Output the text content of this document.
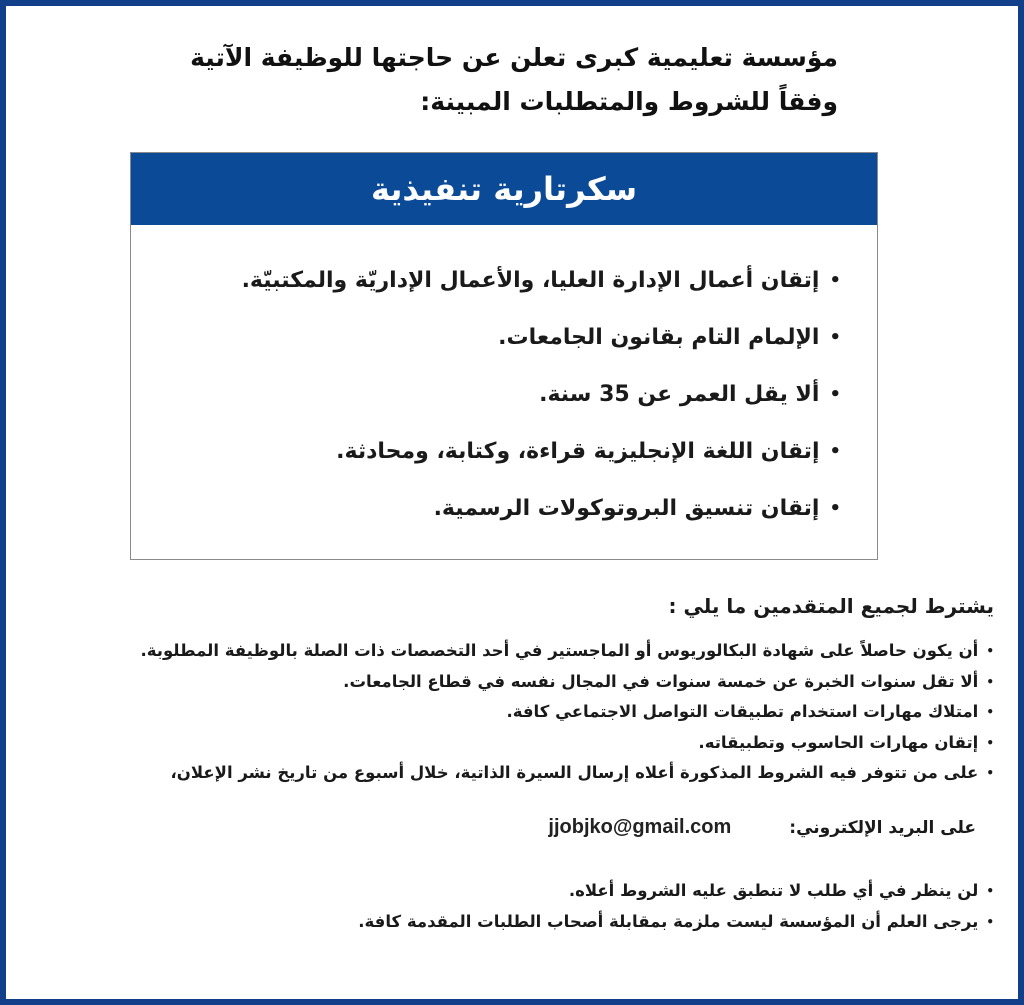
مؤسسة تعليمية كبرى تعلن عن حاجتها للوظيفة الآتية

وفقاً للشروط والمتطلبات المبينة:

سكرتارية تنفيذية
•
إتقان أعمال الإدارة العليا، والأعمال الإداريّة والمكتبيّة.
•
الإلمام التام بقانون الجامعات.
•
ألا يقل العمر عن 35 سنة.
•
إتقان اللغة الإنجليزية قراءة، وكتابة، ومحادثة.
•
إتقان تنسيق البروتوكولات الرسمية.
يشترط لجميع المتقدمين ما يلي :
•
أن يكون حاصلاً على شهادة البكالوريوس أو الماجستير في أحد التخصصات ذات الصلة بالوظيفة المطلوبة.
•
ألا تقل سنوات الخبرة عن خمسة سنوات في المجال نفسه في قطاع الجامعات.
•
امتلاك مهارات استخدام تطبيقات التواصل الاجتماعي كافة.
•
إتقان مهارات الحاسوب وتطبيقاته.
•
على من تتوفر فيه الشروط المذكورة أعلاه إرسال السيرة الذاتية، خلال أسبوع من تاريخ نشر الإعلان،
على البريد الإلكتروني:
jjobjko@gmail.com
•
لن ينظر في أي طلب لا تنطبق عليه الشروط أعلاه.
•
يرجى العلم أن المؤسسة ليست ملزمة بمقابلة أصحاب الطلبات المقدمة كافة.
